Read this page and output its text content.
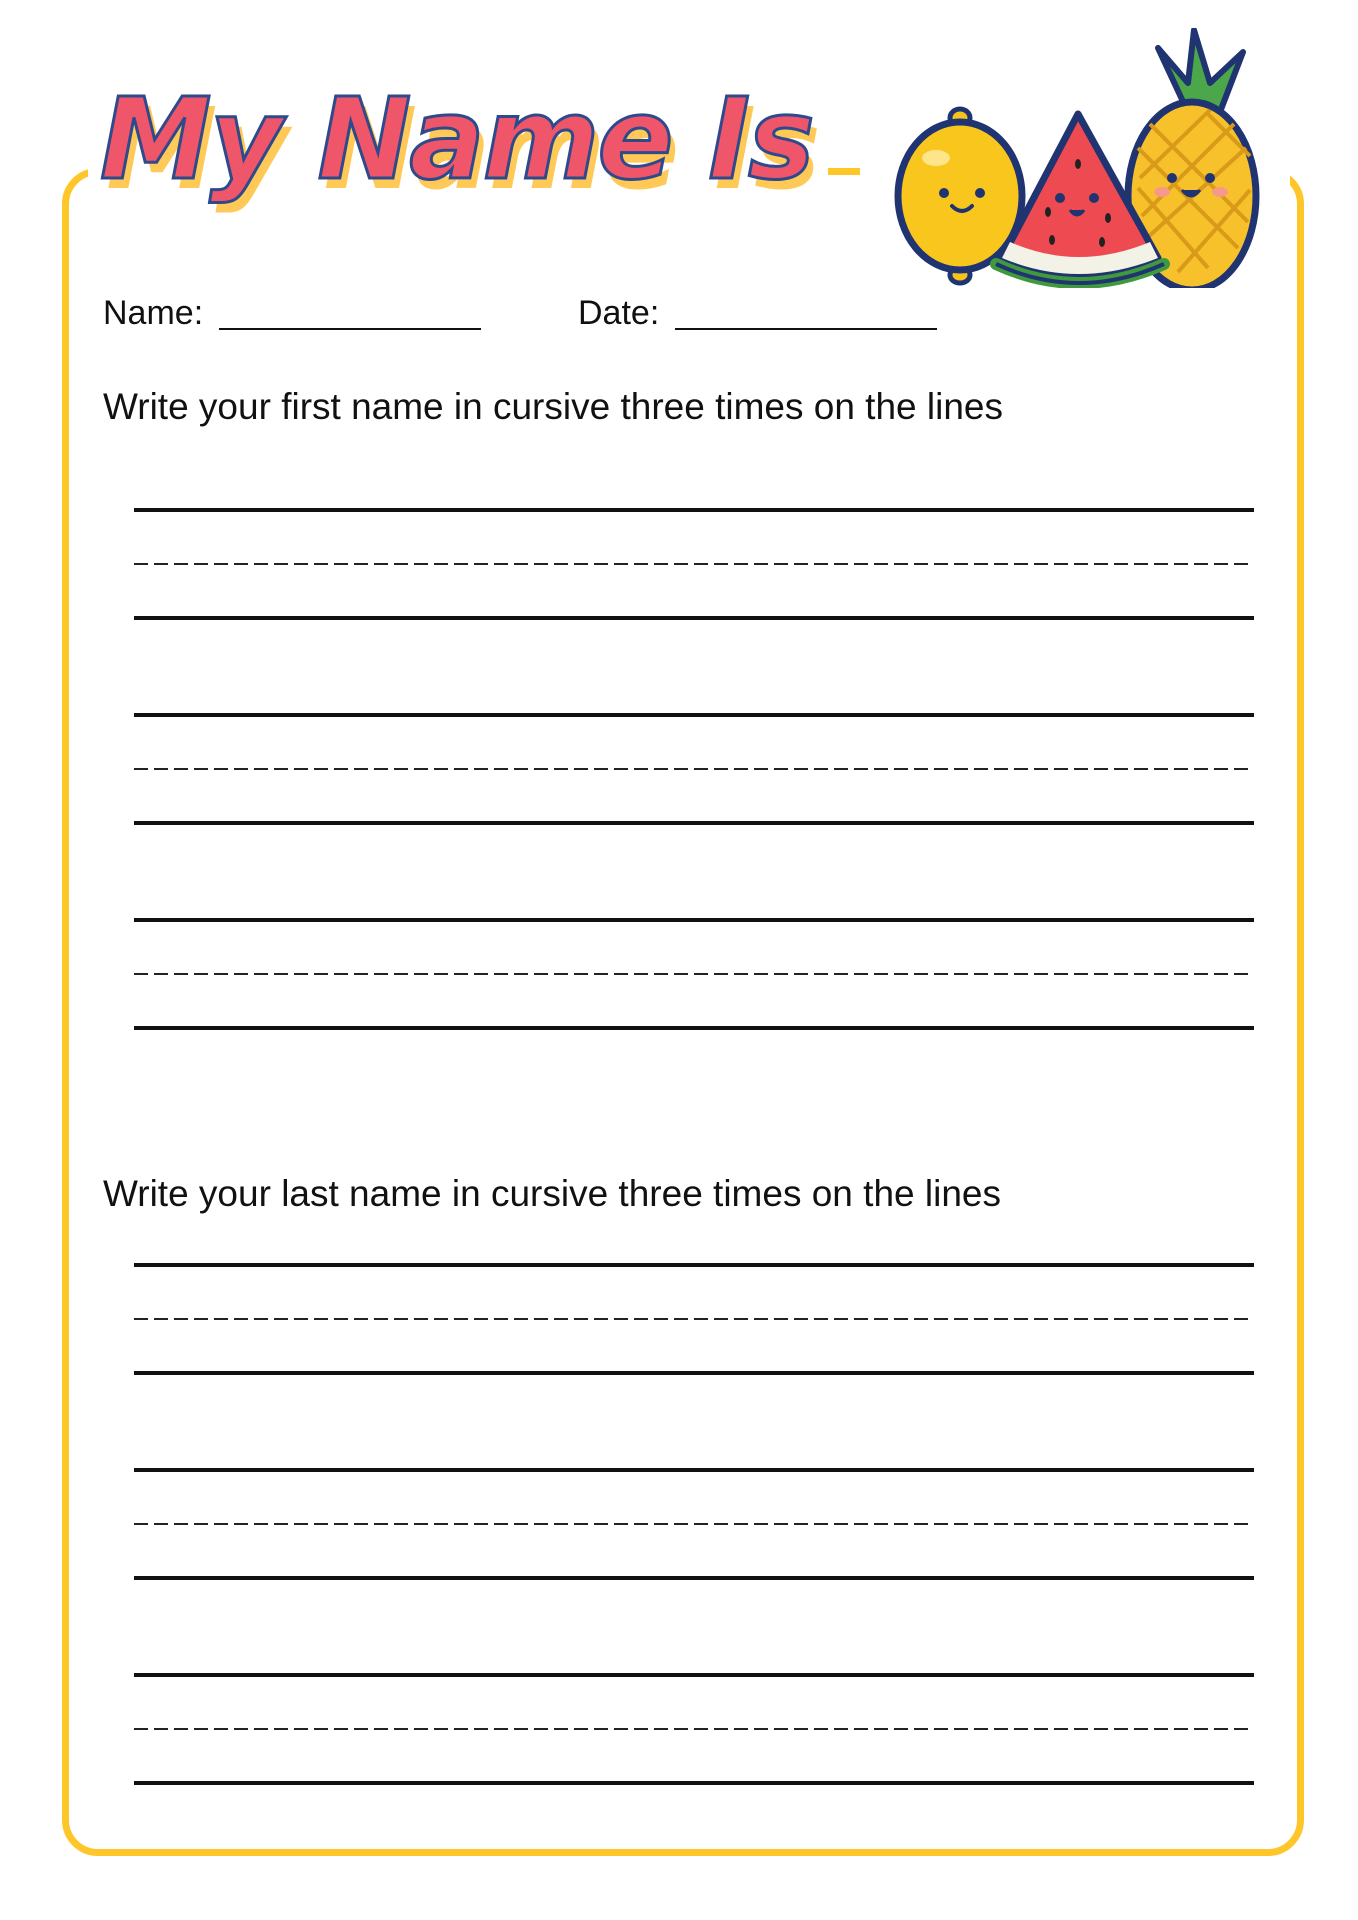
My Name Is
Name:	Date:
Write your first name in cursive three times on the lines
Write your last name in cursive three times on the lines
